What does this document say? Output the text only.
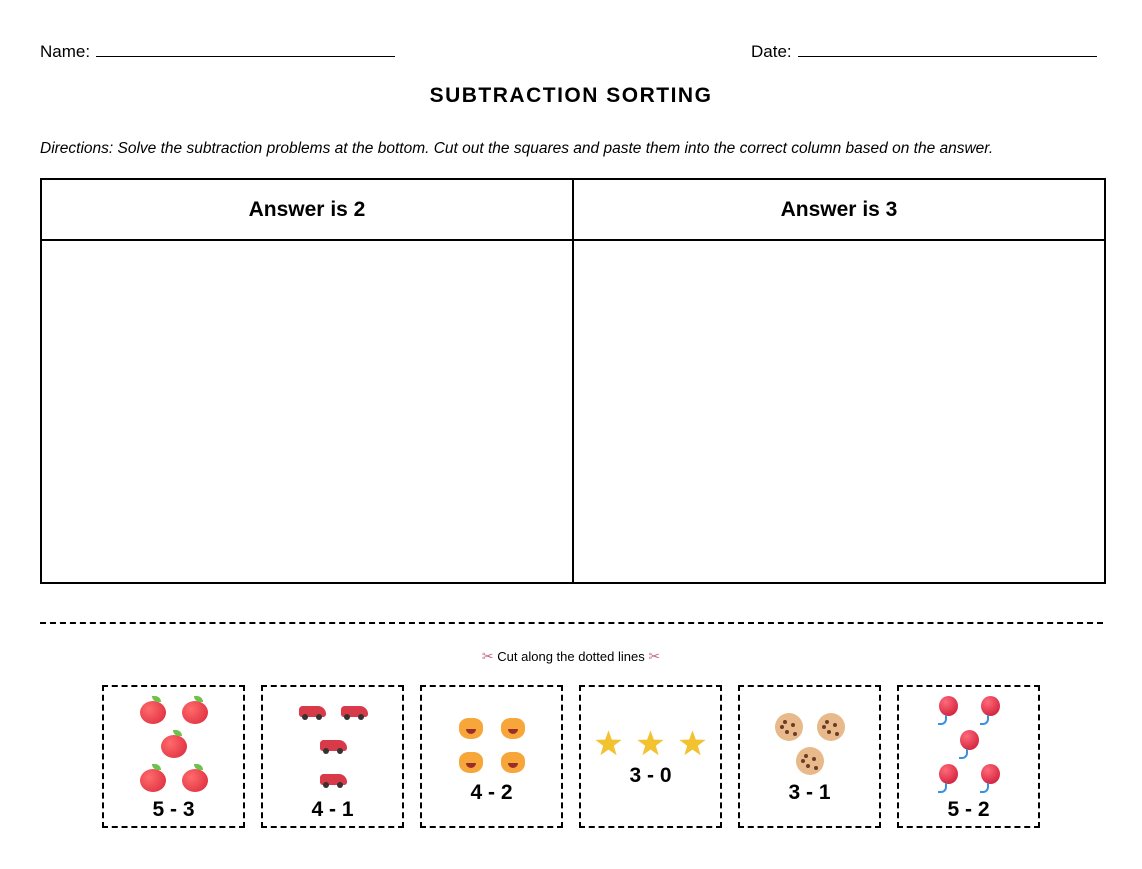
Name:	Date:
SUBTRACTION SORTING
Directions: Solve the subtraction problems at the bottom. Cut out the squares and paste them into the correct column based on the answer.
Answer is 2	Answer is 3

✂ Cut along the dotted lines ✂
5 - 3	4 - 1
4 - 2
3 - 0
3 - 1
5 - 2
